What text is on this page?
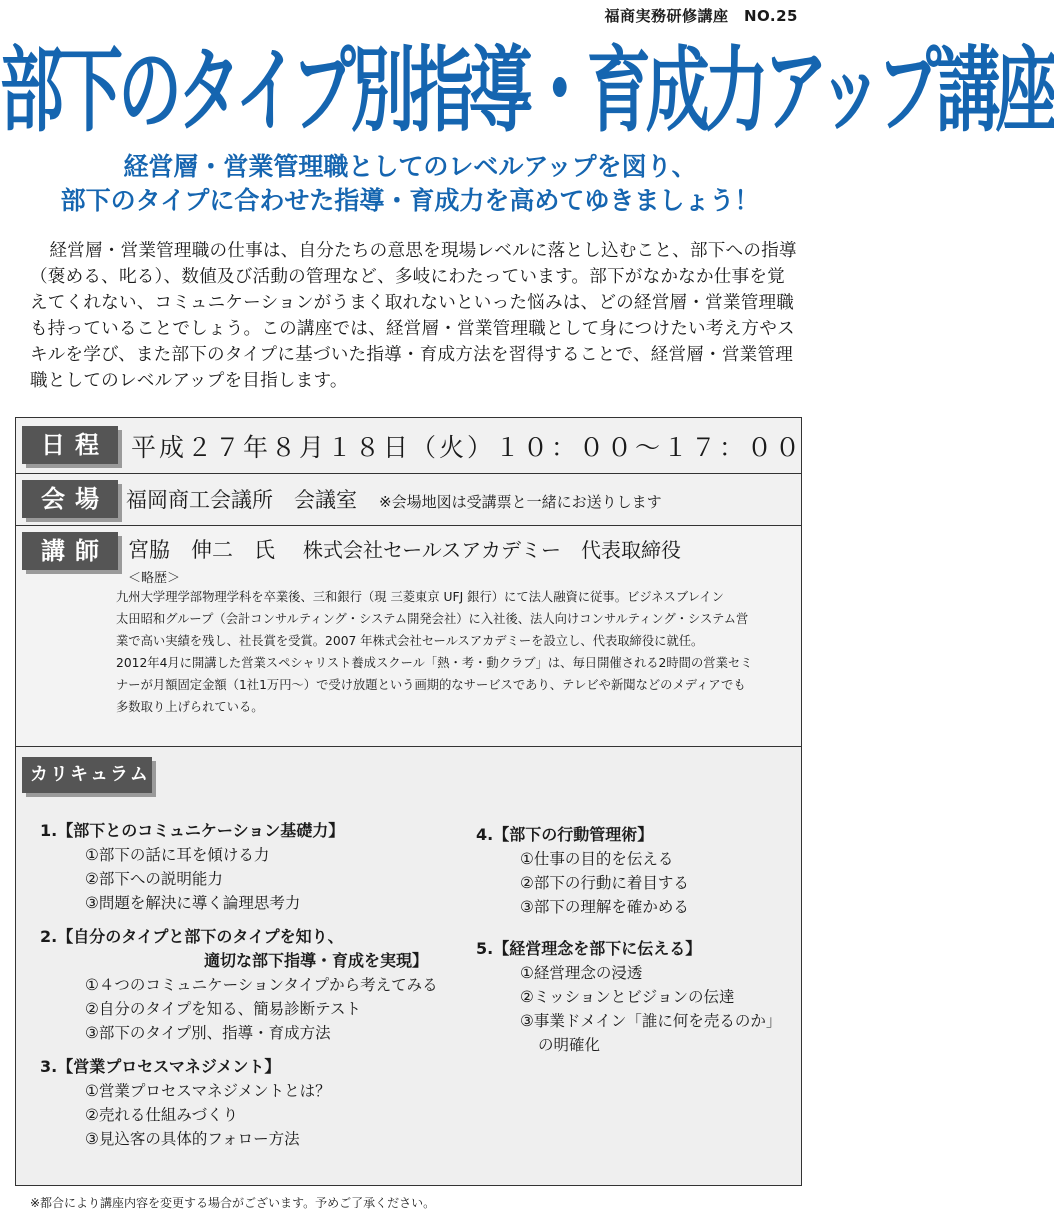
福商実務研修講座　NO.25
部下のタイプ別指導・育成力アップ講座
経営層・営業管理職としてのレベルアップを図り、
部下のタイプに合わせた指導・育成力を高めてゆきましょう！

経営層・営業管理職の仕事は、自分たちの意思を現場レベルに落とし込むこと、部下への指導（褒める、叱る）、数値及び活動の管理など、多岐にわたっています。部下がなかなか仕事を覚えてくれない、コミュニケーションがうまく取れないといった悩みは、どの経営層・営業管理職も持っていることでしょう。この講座では、経営層・営業管理職として身につけたい考え方やスキルを学び、また部下のタイプに基づいた指導・育成方法を習得することで、経営層・営業管理職としてのレベルアップを目指します。

日程 平成２７年８月１８日（火）１０：００～１７：００
会場 福岡商工会議所　会議室 ※会場地図は受講票と一緒にお送りします
講師 宮脇　伸二　氏 株式会社セールスアカデミー　代表取締役
＜略歴＞
九州大学理学部物理学科を卒業後、三和銀行（現 三菱東京 UFJ 銀行）にて法人融資に従事。ビジネスブレイン
太田昭和グループ（会計コンサルティング・システム開発会社）に入社後、法人向けコンサルティング・システム営
業で高い実績を残し、社長賞を受賞。2007 年株式会社セールスアカデミーを設立し、代表取締役に就任。
2012年4月に開講した営業スペシャリスト養成スクール「熱・考・動クラブ」は、毎日開催される2時間の営業セミ
ナーが月額固定金額（1社1万円～）で受け放題という画期的なサービスであり、テレビや新聞などのメディアでも
多数取り上げられている。
カリキュラム
1.【部下とのコミュニケーション基礎力】
①部下の話に耳を傾ける力
②部下への説明能力
③問題を解決に導く論理思考力
2.【自分のタイプと部下のタイプを知り、
適切な部下指導・育成を実現】
①４つのコミュニケーションタイプから考えてみる
②自分のタイプを知る、簡易診断テスト
③部下のタイプ別、指導・育成方法
3.【営業プロセスマネジメント】
①営業プロセスマネジメントとは？
②売れる仕組みづくり
③見込客の具体的フォロー方法
4.【部下の行動管理術】
①仕事の目的を伝える
②部下の行動に着目する
③部下の理解を確かめる
5.【経営理念を部下に伝える】
①経営理念の浸透
②ミッションとビジョンの伝達
③事業ドメイン「誰に何を売るのか」
の明確化
※都合により講座内容を変更する場合がございます。予めご了承ください。
